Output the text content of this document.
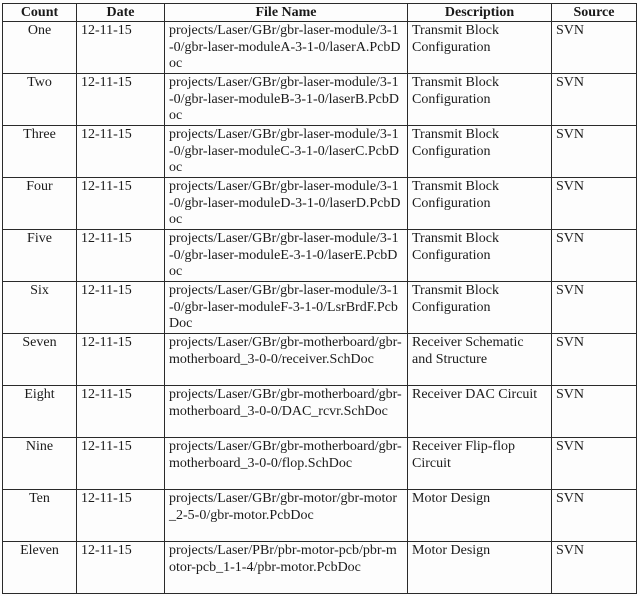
Count	Date	File Name	Description	Source
One	12-11-15	projects/Laser/GBr/gbr-laser-module/3-1-0/gbr-laser-moduleA-3-1-0/laserA.PcbDoc	Transmit Block Configuration	SVN
Two	12-11-15	projects/Laser/GBr/gbr-laser-module/3-1-0/gbr-laser-moduleB-3-1-0/laserB.PcbDoc	Transmit Block Configuration	SVN
Three	12-11-15	projects/Laser/GBr/gbr-laser-module/3-1-0/gbr-laser-moduleC-3-1-0/laserC.PcbDoc	Transmit Block Configuration	SVN
Four	12-11-15	projects/Laser/GBr/gbr-laser-module/3-1-0/gbr-laser-moduleD-3-1-0/laserD.PcbDoc	Transmit Block Configuration	SVN
Five	12-11-15	projects/Laser/GBr/gbr-laser-module/3-1-0/gbr-laser-moduleE-3-1-0/laserE.PcbDoc	Transmit Block Configuration	SVN
Six	12-11-15	projects/Laser/GBr/gbr-laser-module/3-1-0/gbr-laser-moduleF-3-1-0/LsrBrdF.PcbDoc	Transmit Block Configuration	SVN
Seven	12-11-15	projects/Laser/GBr/gbr-motherboard/gbr-motherboard_3-0-0/receiver.SchDoc	Receiver Schematic and Structure	SVN
Eight	12-11-15	projects/Laser/GBr/gbr-motherboard/gbr-motherboard_3-0-0/DAC_rcvr.SchDoc	Receiver DAC Circuit	SVN
Nine	12-11-15	projects/Laser/GBr/gbr-motherboard/gbr-motherboard_3-0-0/flop.SchDoc	Receiver Flip-flop Circuit	SVN
Ten	12-11-15	projects/Laser/GBr/gbr-motor/gbr-motor_2-5-0/gbr-motor.PcbDoc	Motor Design	SVN
Eleven	12-11-15	projects/Laser/PBr/pbr-motor-pcb/pbr-motor-pcb_1-1-4/pbr-motor.PcbDoc	Motor Design	SVN
